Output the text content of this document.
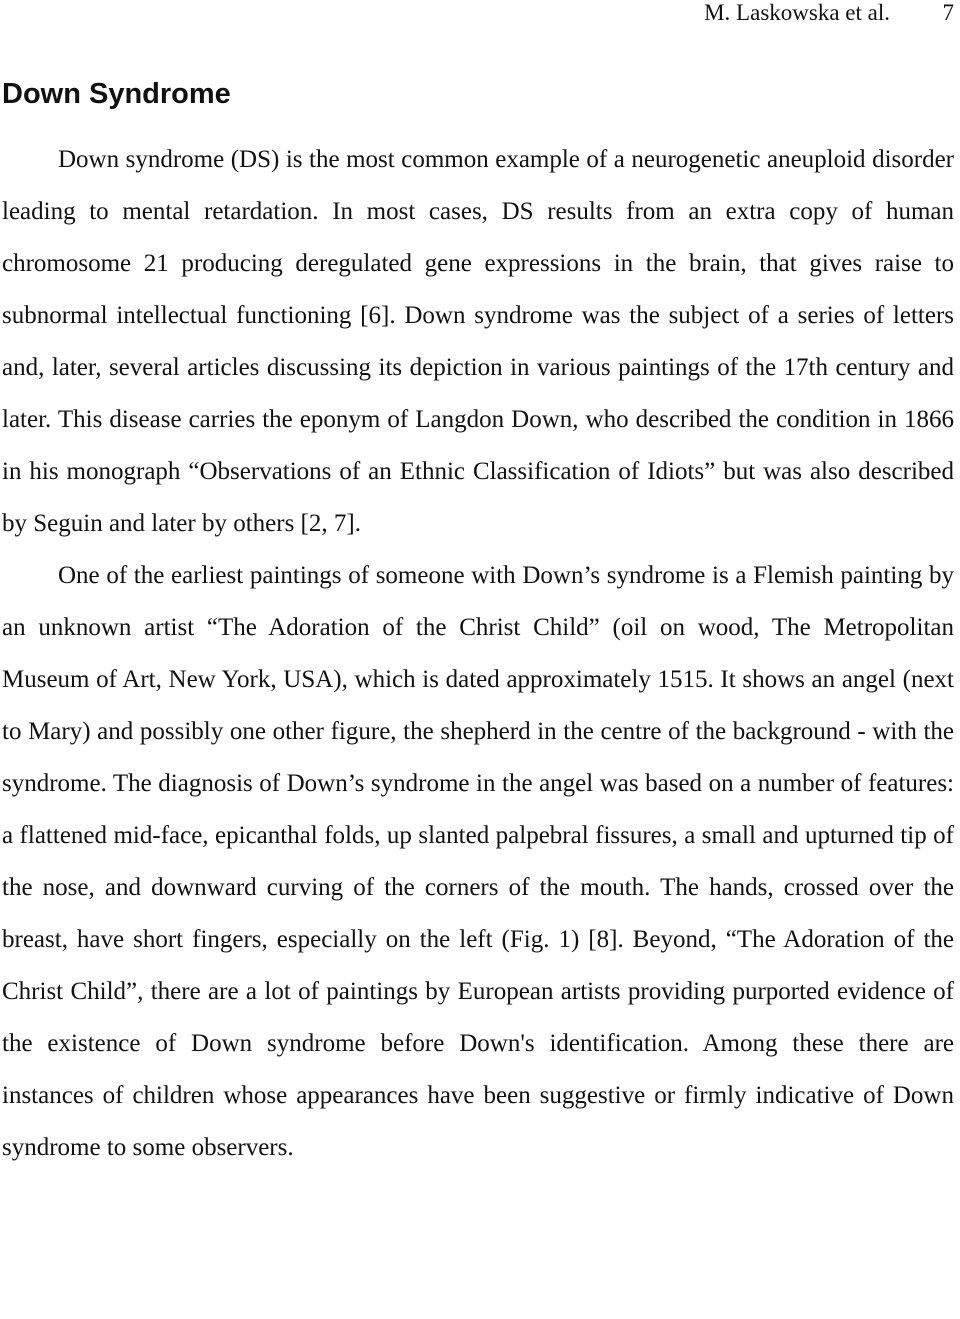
M. Laskowska et al. 7
Down Syndrome

Down syndrome (DS) is the most common example of a neurogenetic aneuploid disorder leading to mental retardation. In most cases, DS results from an extra copy of human chromosome 21 producing deregulated gene expressions in the brain, that gives raise to subnormal intellectual functioning [6]. Down syndrome was the subject of a series of letters and, later, several articles discussing its depiction in various paintings of the 17th century and later. This disease carries the eponym of Langdon Down, who described the condition in 1866 in his monograph “Observations of an Ethnic Classification of Idiots” but was also described by Seguin and later by others [2, 7].

One of the earliest paintings of someone with Down’s syndrome is a Flemish painting by an unknown artist “The Adoration of the Christ Child” (oil on wood, The Metropolitan Museum of Art, New York, USA), which is dated approximately 1515. It shows an angel (next to Mary) and possibly one other figure, the shepherd in the centre of the background - with the syndrome. The diagnosis of Down’s syndrome in the angel was based on a number of features: a flattened mid-face, epicanthal folds, up slanted palpebral fissures, a small and upturned tip of the nose, and downward curving of the corners of the mouth. The hands, crossed over the breast, have short fingers, especially on the left (Fig. 1) [8]. Beyond, “The Adoration of the Christ Child”, there are a lot of paintings by European artists providing purported evidence of the existence of Down syndrome before Down's identification. Among these there are instances of children whose appearances have been suggestive or firmly indicative of Down syndrome to some observers.
